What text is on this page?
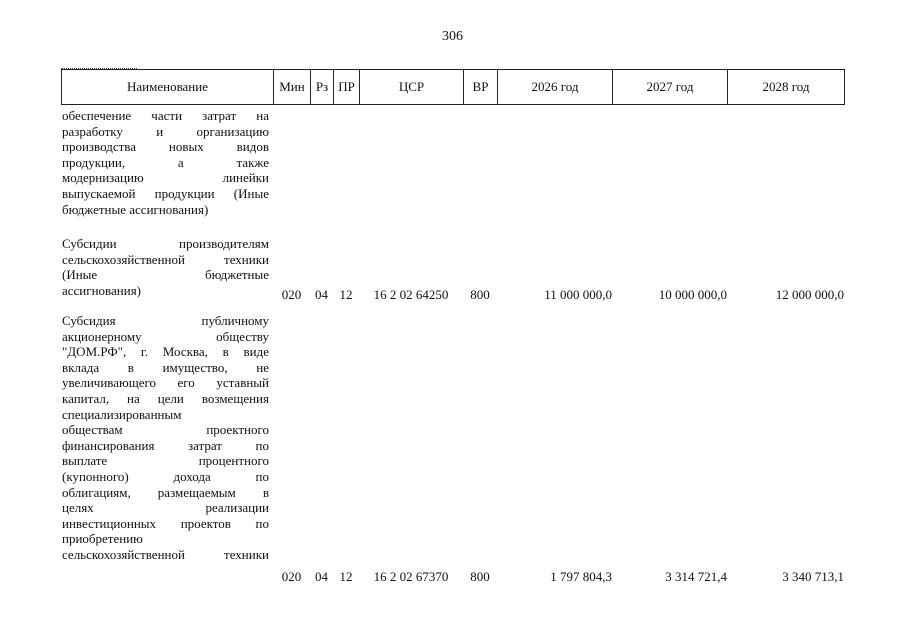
306
Наименование	Мин Рз ПР	ЦСР	ВР	2026 год	2027 год	2028 год
обеспечение части затрат на
разработку и организацию
производства новых видов
продукции, а также
модернизацию линейки
выпускаемой продукции (Иные
бюджетные ассигнования)
Субсидии производителям
сельскохозяйственной техники
(Иные бюджетные
ассигнования)	020	04 12	16 2 02 64250	800	11 000 000,0	10 000 000,0	12 000 000,0
Субсидия публичному
акционерному обществу
"ДОМ.РФ", г. Москва, в виде
вклада в имущество, не
увеличивающего его уставный
капитал, на цели возмещения
специализированным
обществам проектного
финансирования затрат по
выплате процентного
(купонного) дохода по
облигациям, размещаемым в
целях реализации
инвестиционных проектов по
приобретению
сельскохозяйственной техники
020	04 12	16 2 02 67370	800	1 797 804,3	3 314 721,4	3 340 713,1
